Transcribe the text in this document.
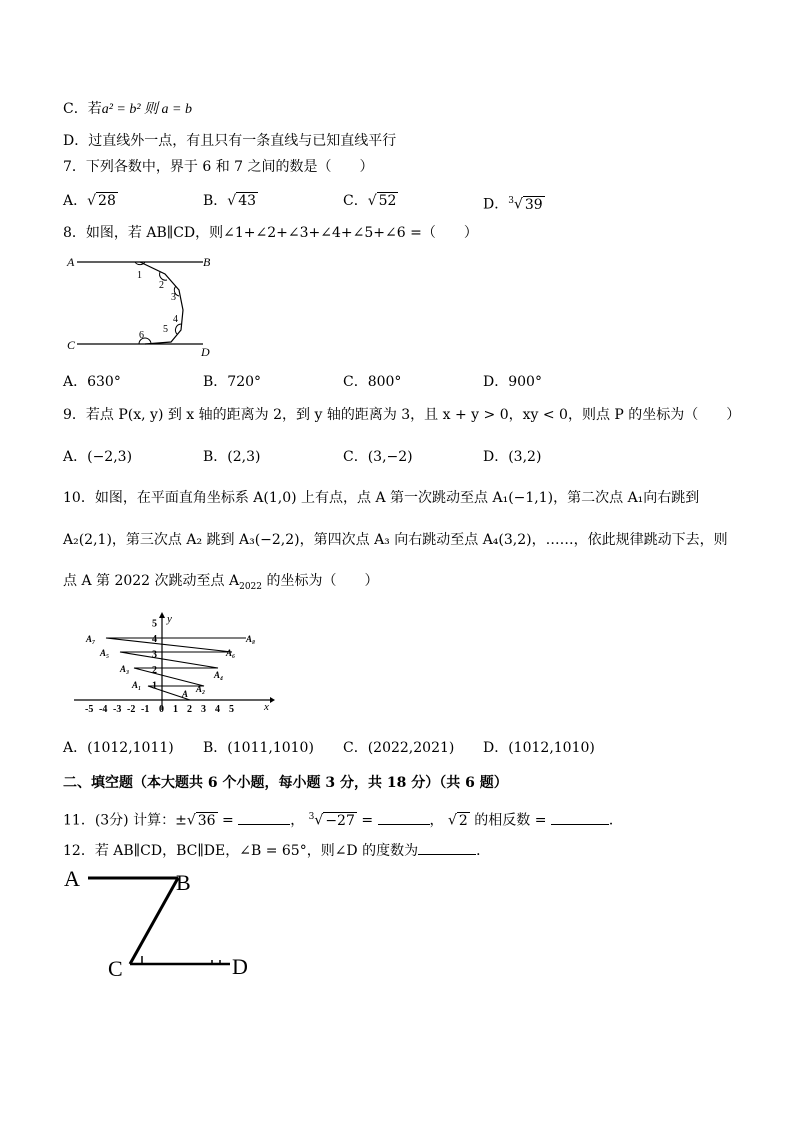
C．若a² = b² 则 a = b
D．过直线外一点，有且只有一条直线与已知直线平行
7．下列各数中，界于 6 和 7 之间的数是（　　）
A．√ 28	B．√ 43	C．√ 52	D．$^3$√ 39
8．如图，若 AB∥CD，则∠1+∠2+∠3+∠4+∠5+∠6 =（　　）
A	B
C	D
1
2
3
4
5
6
A．630°	B．720°	C．800°	D．900°
9．若点 P(x, y) 到 x 轴的距离为 2，到 y 轴的距离为 3，且 x + y > 0，xy < 0，则点 P 的坐标为（　　）
A．(−2,3)	B．(2,3)	C．(3,−2)	D．(3,2)
10．如图，在平面直角坐标系 A(1,0) 上有点，点 A 第一次跳动至点 A₁(−1,1)，第二次点 A₁向右跳到
A₂(2,1)，第三次点 A₂ 跳到 A₃(−2,2)，第四次点 A₃ 向右跳动至点 A₄(3,2)，……，依此规律跳动下去，则
点 A 第 2022 次跳动至点 $A_{2022}$ 的坐标为（　　）
-5 -4 -3 -2 -1 0 1 2 3 4 5
1
2
3
4
5
x
y
A
A₁	A₂
A₃
A₄
A₅	A₆
A₇	A₈
A．(1012,1011) B．(1011,1010) C．(2022,2021) D．(1012,1010)
二、填空题（本大题共 6 个小题，每小题 3 分，共 18 分）（共 6 题）
11．(3分) 计算：±√ 36 =	， $^3$√ −27 =	， √ 2 的相反数 =	．
12．若 AB∥CD，BC∥DE，∠B = 65°，则∠D 的度数为	．
A	B
C	D
